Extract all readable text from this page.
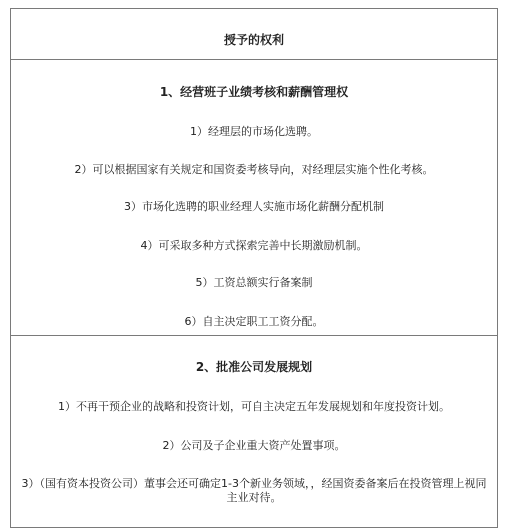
授予的权利
1、经营班子业绩考核和薪酬管理权
1）经理层的市场化选聘。
2）可以根据国家有关规定和国资委考核导向，对经理层实施个性化考核。
3）市场化选聘的职业经理人实施市场化薪酬分配机制
4）可采取多种方式探索完善中长期激励机制。
5）工资总额实行备案制
6）自主决定职工工资分配。
2、批准公司发展规划
1）不再干预企业的战略和投资计划，可自主决定五年发展规划和年度投资计划。
2）公司及子企业重大资产处置事项。
3）（国有资本投资公司）董事会还可确定1-3个新业务领域，，经国资委备案后在投资管理上视同主业对待。
